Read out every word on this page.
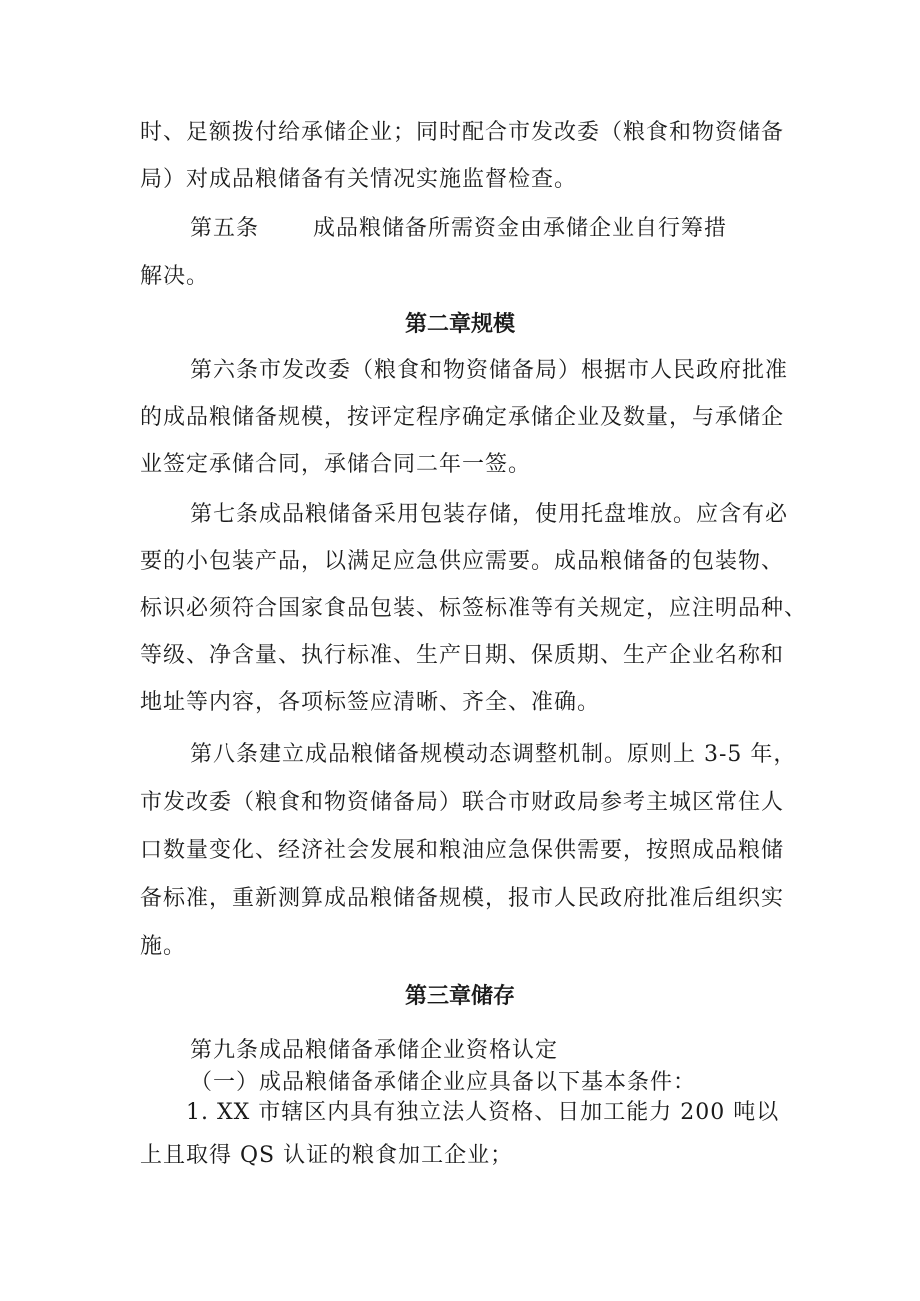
时、足额拨付给承储企业；同时配合市发改委（粮食和物资储备
局）对成品粮储备有关情况实施监督检查。
第五条 成品粮储备所需资金由承储企业自行筹措
解决。
第二章规模
第六条市发改委（粮食和物资储备局）根据市人民政府批准
的成品粮储备规模，按评定程序确定承储企业及数量，与承储企
业签定承储合同，承储合同二年一签。
第七条成品粮储备采用包装存储，使用托盘堆放。应含有必
要的小包装产品，以满足应急供应需要。成品粮储备的包装物、
标识必须符合国家食品包装、标签标准等有关规定，应注明品种、
等级、净含量、执行标准、生产日期、保质期、生产企业名称和
地址等内容，各项标签应清晰、齐全、准确。
第八条建立成品粮储备规模动态调整机制。原则上 3-5 年，
市发改委（粮食和物资储备局）联合市财政局参考主城区常住人
口数量变化、经济社会发展和粮油应急保供需要，按照成品粮储
备标准，重新测算成品粮储备规模，报市人民政府批准后组织实
施。
第三章储存
第九条成品粮储备承储企业资格认定
（一）成品粮储备承储企业应具备以下基本条件：
1. XX 市辖区内具有独立法人资格、日加工能力 200 吨以
上且取得 QS 认证的粮食加工企业；
